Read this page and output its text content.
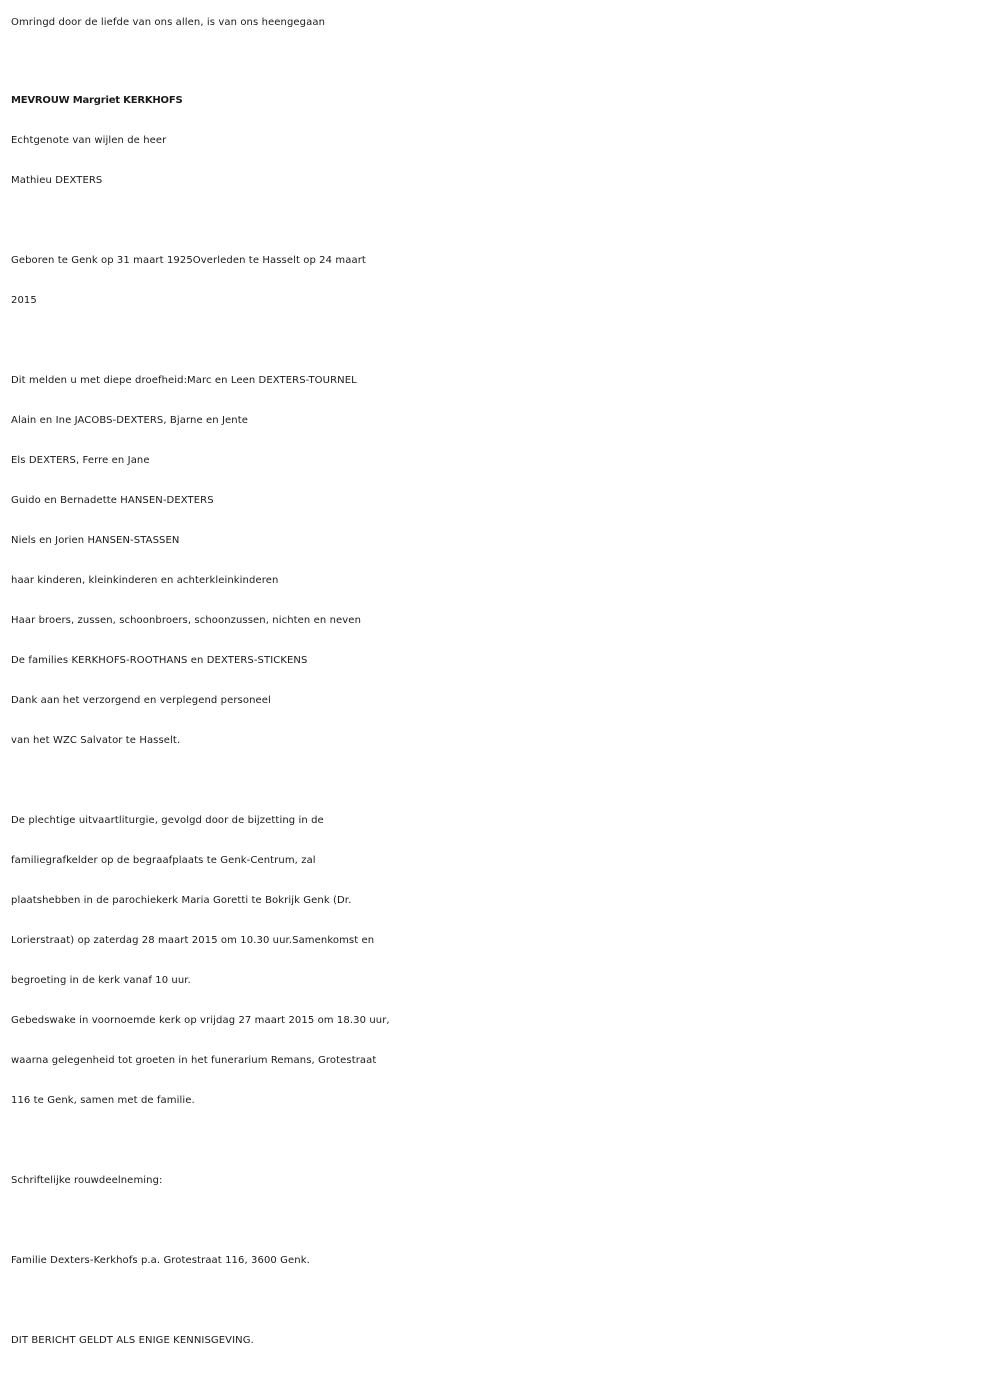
Omringd door de liefde van ons allen, is van ons heengegaan
MEVROUW Margriet KERKHOFS
Echtgenote van wijlen de heer
Mathieu DEXTERS
Geboren te Genk op 31 maart 1925Overleden te Hasselt op 24 maart
2015
Dit melden u met diepe droefheid:Marc en Leen DEXTERS-TOURNEL
Alain en Ine JACOBS-DEXTERS, Bjarne en Jente
Els DEXTERS, Ferre en Jane
Guido en Bernadette HANSEN-DEXTERS
Niels en Jorien HANSEN-STASSEN
haar kinderen, kleinkinderen en achterkleinkinderen
Haar broers, zussen, schoonbroers, schoonzussen, nichten en neven
De families KERKHOFS-ROOTHANS en DEXTERS-STICKENS
Dank aan het verzorgend en verplegend personeel
van het WZC Salvator te Hasselt.
De plechtige uitvaartliturgie, gevolgd door de bijzetting in de
familiegrafkelder op de begraafplaats te Genk-Centrum, zal
plaatshebben in de parochiekerk Maria Goretti te Bokrijk Genk (Dr.
Lorierstraat) op zaterdag 28 maart 2015 om 10.30 uur.Samenkomst en
begroeting in de kerk vanaf 10 uur.
Gebedswake in voornoemde kerk op vrijdag 27 maart 2015 om 18.30 uur,
waarna gelegenheid tot groeten in het funerarium Remans, Grotestraat
116 te Genk, samen met de familie.
Schriftelijke rouwdeelneming:
Familie Dexters-Kerkhofs p.a. Grotestraat 116, 3600 Genk.
DIT BERICHT GELDT ALS ENIGE KENNISGEVING.
